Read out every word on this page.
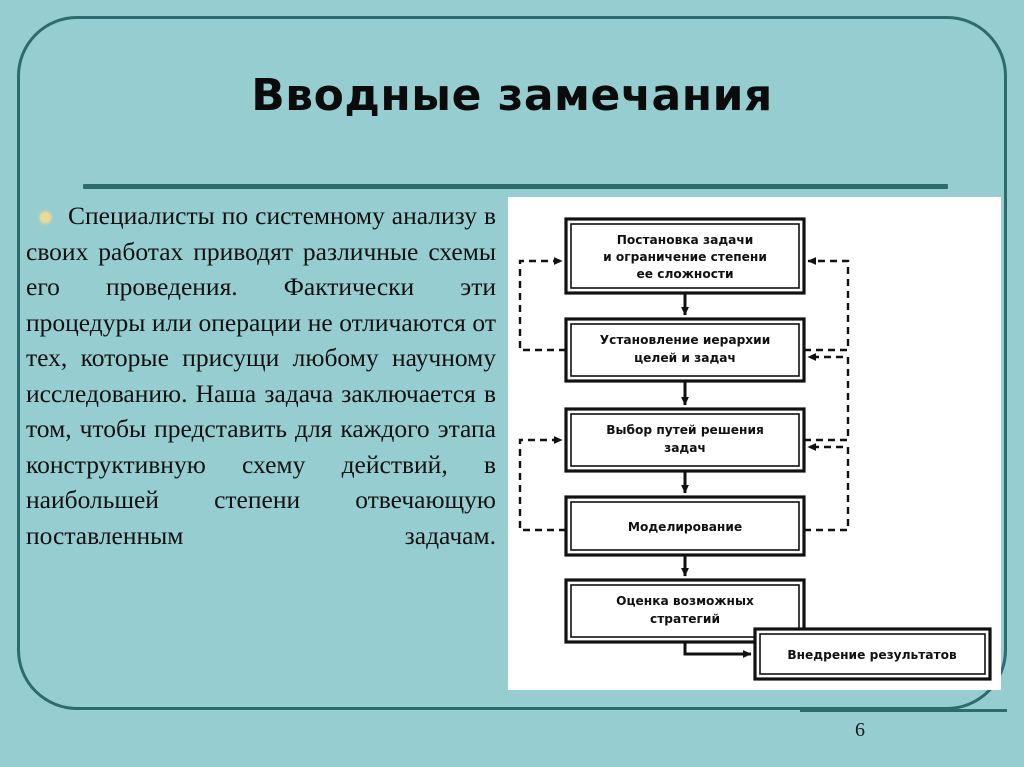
Вводные замечания
Специалисты по системному анализу в своих работах приводят различные схемы его проведения. Фактически эти процедуры или операции не отличаются от тех, которые присущи любому научному исследованию. Наша задача заключается в том, чтобы представить для каждого этапа конструктивную схему действий, в наибольшей степени отвечающую поставленным задачам.
Постановка задачи
и ограничение степени
ее сложности
Установление иерархии
целей и задач
Выбор путей решения
задач
Моделирование
Оценка возможных
стратегий
Внедрение результатов
6
